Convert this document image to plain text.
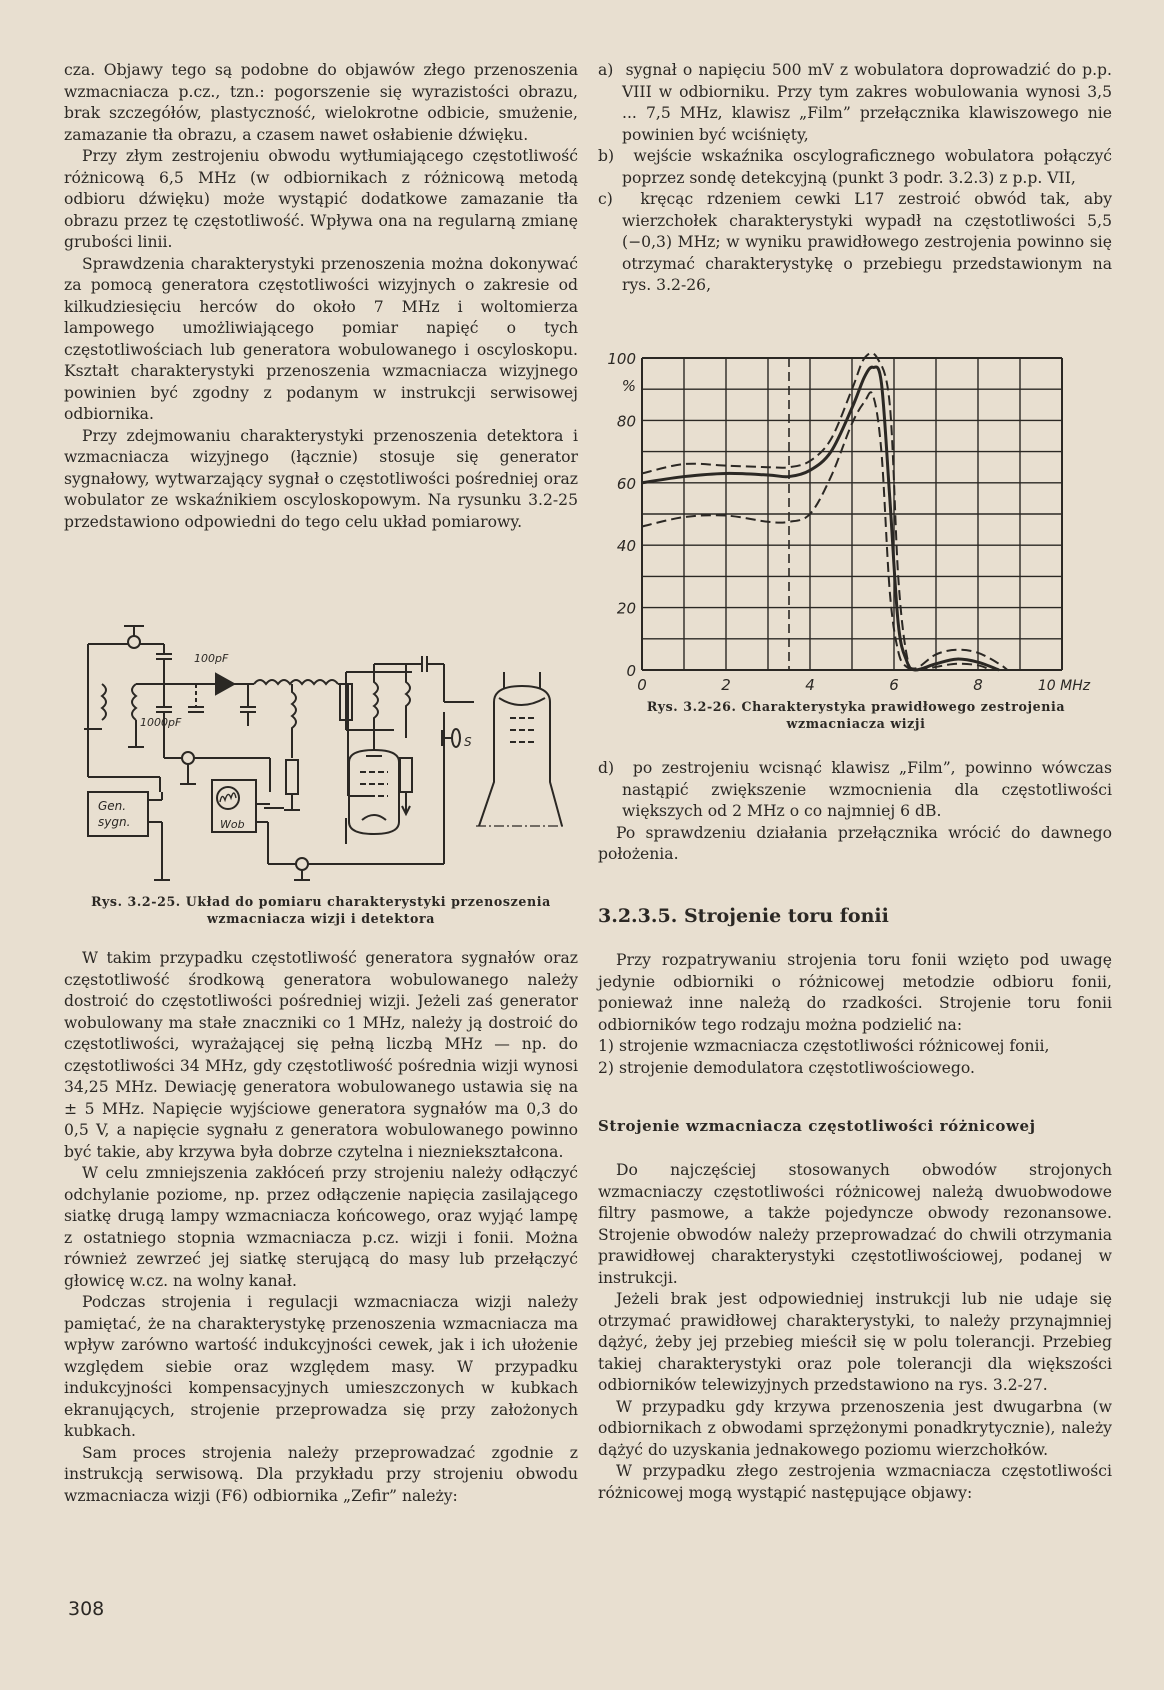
cza. Objawy tego są podobne do objawów złego przenoszenia wzmacniacza p.cz., tzn.: pogorszenie się wyrazistości obrazu, brak szczegółów, plastyczność, wielokrotne odbicie, smużenie, zamazanie tła obrazu, a czasem nawet osłabienie dźwięku.

Przy złym zestrojeniu obwodu wytłumiającego częstotliwość różnicową 6,5 MHz (w odbiornikach z różnicową metodą odbioru dźwięku) może wystąpić dodatkowe zamazanie tła obrazu przez tę częstotliwość. Wpływa ona na regularną zmianę grubości linii.

Sprawdzenia charakterystyki przenoszenia można dokonywać za pomocą generatora częstotliwości wizyjnych o zakresie od kilkudziesięciu herców do około 7 MHz i woltomierza lampowego umożliwiającego pomiar napięć o tych częstotliwościach lub generatora wobulowanego i oscyloskopu. Kształt charakterystyki przenoszenia wzmacniacza wizyjnego powinien być zgodny z podanym w instrukcji serwisowej odbiornika.

Przy zdejmowaniu charakterystyki przenoszenia detektora i wzmacniacza wizyjnego (łącznie) stosuje się generator sygnałowy, wytwarzający sygnał o częstotliwości pośredniej oraz wobulator ze wskaźnikiem oscyloskopowym. Na rysunku 3.2-25 przedstawiono odpowiedni do tego celu układ pomiarowy.

Gen.
sygn.	Wob
S
100pF
1000pF
Rys. 3.2-25. Układ do pomiaru charakterystyki przenoszenia
wzmacniacza wizji i detektora

W takim przypadku częstotliwość generatora sygnałów oraz częstotliwość środkową generatora wobulowanego należy dostroić do częstotliwości pośredniej wizji. Jeżeli zaś generator wobulowany ma stałe znaczniki co 1 MHz, należy ją dostroić do częstotliwości, wyrażającej się pełną liczbą MHz — np. do częstotliwości 34 MHz, gdy częstotliwość pośrednia wizji wynosi 34,25 MHz. Dewiację generatora wobulowanego ustawia się na ± 5 MHz. Napięcie wyjściowe generatora sygnałów ma 0,3 do 0,5 V, a napięcie sygnału z generatora wobulowanego powinno być takie, aby krzywa była dobrze czytelna i niezniekształcona.

W celu zmniejszenia zakłóceń przy strojeniu należy odłączyć odchylanie poziome, np. przez odłączenie napięcia zasilającego siatkę drugą lampy wzmacniacza końcowego, oraz wyjąć lampę z ostatniego stopnia wzmacniacza p.cz. wizji i fonii. Można również zewrzeć jej siatkę sterującą do masy lub przełączyć głowicę w.cz. na wolny kanał.

Podczas strojenia i regulacji wzmacniacza wizji należy pamiętać, że na charakterystykę przenoszenia wzmacniacza ma wpływ zarówno wartość indukcyjności cewek, jak i ich ułożenie względem siebie oraz względem masy. W przypadku indukcyjności kompensacyjnych umieszczonych w kubkach ekranujących, strojenie przeprowadza się przy założonych kubkach.

Sam proces strojenia należy przeprowadzać zgodnie z instrukcją serwisową. Dla przykładu przy strojeniu obwodu wzmacniacza wizji (F6) odbiornika „Zefir” należy:

a) sygnał o napięciu 500 mV z wobulatora doprowadzić do p.p. VIII w odbiorniku. Przy tym zakres wobulowania wynosi 3,5 ... 7,5 MHz, klawisz „Film” przełącznika klawiszowego nie powinien być wciśnięty,

b) wejście wskaźnika oscylograficznego wobulatora połączyć poprzez sondę detekcyjną (punkt 3 podr. 3.2.3) z p.p. VII,

c) kręcąc rdzeniem cewki L17 zestroić obwód tak, aby wierzchołek charakterystyki wypadł na częstotliwości 5,5 (−0,3) MHz; w wyniku prawidłowego zestrojenia powinno się otrzymać charakterystykę o przebiegu przedstawionym na rys. 3.2-26,

0
20
40
60
80
100
%
0	2	4	6	8	10 MHz
Rys. 3.2-26. Charakterystyka prawidłowego zestrojenia
wzmacniacza wizji

d) po zestrojeniu wcisnąć klawisz „Film”, powinno wówczas nastąpić zwiększenie wzmocnienia dla częstotliwości większych od 2 MHz o co najmniej 6 dB.

Po sprawdzeniu działania przełącznika wrócić do dawnego położenia.

3.2.3.5. Strojenie toru fonii

Przy rozpatrywaniu strojenia toru fonii wzięto pod uwagę jedynie odbiorniki o różnicowej metodzie odbioru fonii, ponieważ inne należą do rzadkości. Strojenie toru fonii odbiorników tego rodzaju można podzielić na:

1) strojenie wzmacniacza częstotliwości różnicowej fonii,

2) strojenie demodulatora częstotliwościowego.

Strojenie wzmacniacza częstotliwości różnicowej

Do najczęściej stosowanych obwodów strojonych wzmacniaczy częstotliwości różnicowej należą dwuobwodowe filtry pasmowe, a także pojedyncze obwody rezonansowe. Strojenie obwodów należy przeprowadzać do chwili otrzymania prawidłowej charakterystyki częstotliwościowej, podanej w instrukcji.

Jeżeli brak jest odpowiedniej instrukcji lub nie udaje się otrzymać prawidłowej charakterystyki, to należy przynajmniej dążyć, żeby jej przebieg mieścił się w polu tolerancji. Przebieg takiej charakterystyki oraz pole tolerancji dla większości odbiorników telewizyjnych przedstawiono na rys. 3.2-27.

W przypadku gdy krzywa przenoszenia jest dwugarbna (w odbiornikach z obwodami sprzężonymi ponadkrytycznie), należy dążyć do uzyskania jednakowego poziomu wierzchołków.

W przypadku złego zestrojenia wzmacniacza częstotliwości różnicowej mogą wystąpić następujące objawy:

308
